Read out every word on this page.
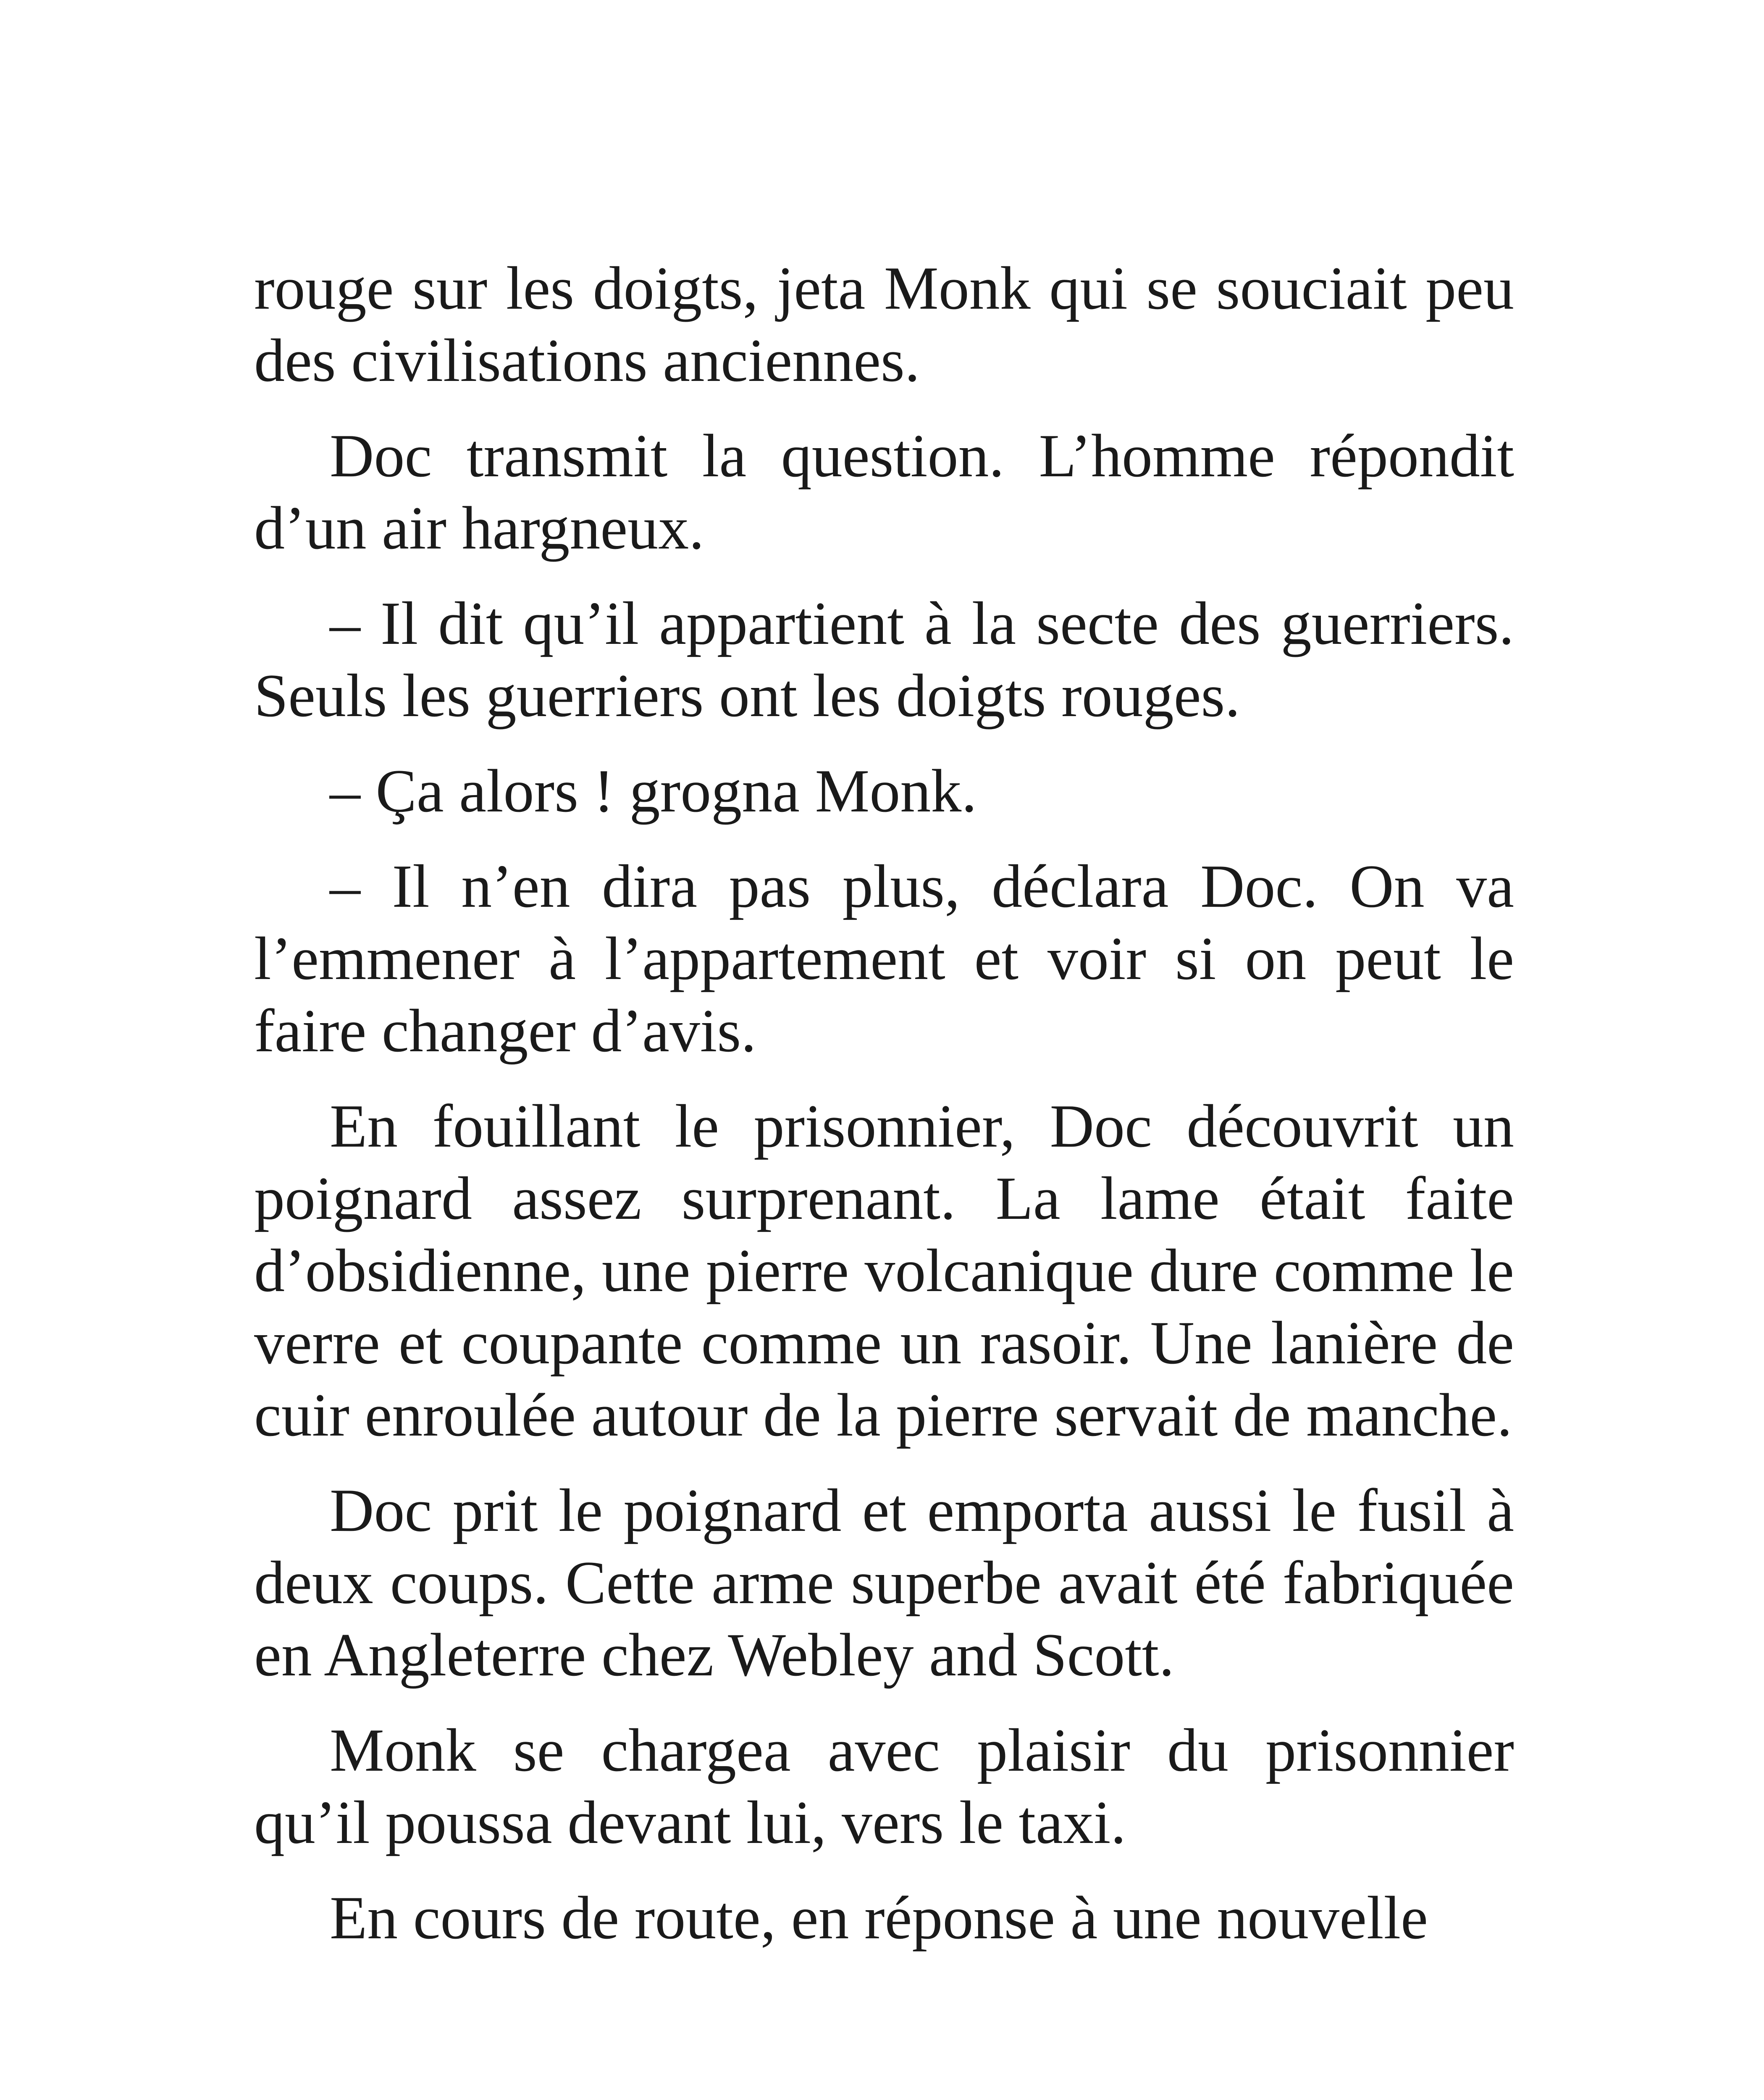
rouge sur les doigts, jeta Monk qui se souciait peu des civilisations anciennes.

Doc transmit la question. L’homme répondit d’un air hargneux.

– Il dit qu’il appartient à la secte des guerriers. Seuls les guerriers ont les doigts rouges.

– Ça alors ! grogna Monk.

– Il n’en dira pas plus, déclara Doc. On va l’emmener à l’appartement et voir si on peut le faire changer d’avis.

En fouillant le prisonnier, Doc découvrit un poignard assez surprenant. La lame était faite d’obsidienne, une pierre volcanique dure comme le verre et coupante comme un rasoir. Une lanière de cuir enroulée autour de la pierre servait de manche.

Doc prit le poignard et emporta aussi le fusil à deux coups. Cette arme superbe avait été fabriquée en Angleterre chez Webley and Scott.

Monk se chargea avec plaisir du prisonnier qu’il poussa devant lui, vers le taxi.

En cours de route, en réponse à une nouvelle
